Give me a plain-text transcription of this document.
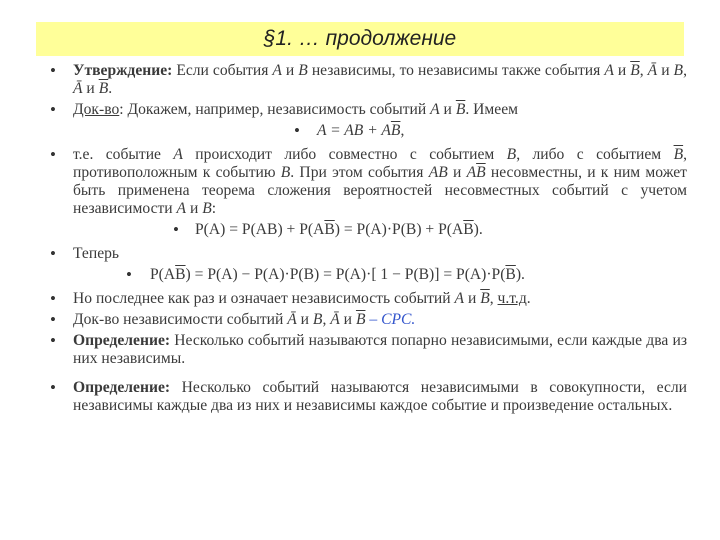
§1. … продолжение
• Утверждение: Если события A и B независимы, то независимы также события A и $\overline{B}$, Ā и B, Ā и $\overline{B}$.
• Док-во: Докажем, например, независимость событий A и $\overline{B}$. Имеем
• A = AB + $A\overline{B}$,
• т.е. событие A происходит либо совместно с событием B, либо с событием $\overline{B}$, противоположным к событию B. При этом события AB и $A\overline{B}$ несовместны, и к ним может быть применена теорема сложения вероятностей несовместных событий с учетом независимости A и B:
• $P(A) = P(AB) + P(A\overline{B}) = P(A)\cdot P(B) + P(A\overline{B})$.
• Теперь
• $P(A\overline{B}) = P(A) - P(A)\cdot P(B) = P(A)\cdot$[ $1 - P(B)] = P(A)\cdot P(\overline{B})$.
• Но последнее как раз и означает независимость событий A и $\overline{B}$, ч.т.д.
• Док-во независимости событий Ā и B, Ā и $\overline{B}$ – СРС.
• Определение: Несколько событий называются попарно независимыми, если каждые два из них независимы.
• Определение: Несколько событий называются независимыми в совокупности, если независимы каждые два из них и независимы каждое событие и произведение остальных.
